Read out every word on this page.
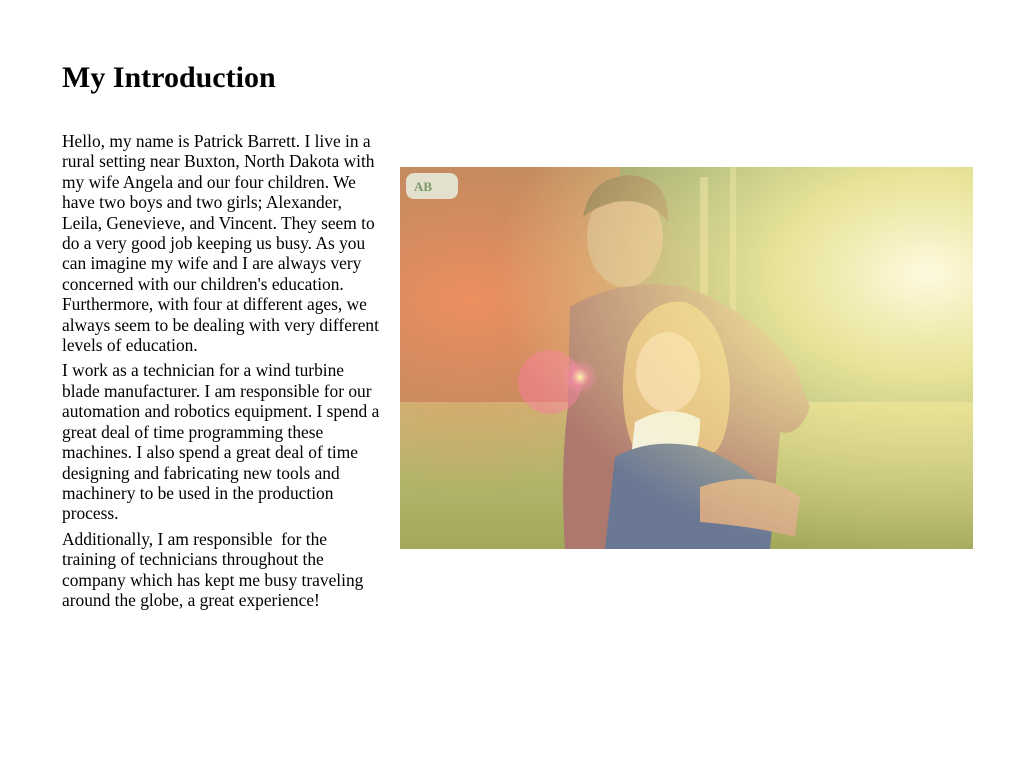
My Introduction

Hello, my name is Patrick Barrett. I live in a rural setting near Buxton, North Dakota with my wife Angela and our four children. We have two boys and two girls; Alexander, Leila, Genevieve, and Vincent. They seem to do a very good job keeping us busy. As you can imagine my wife and I are always very concerned with our children's education. Furthermore, with four at different ages, we always seem to be dealing with very different levels of education.

I work as a technician for a wind turbine blade manufacturer. I am responsible for our automation and robotics equipment. I spend a great deal of time programming these machines. I also spend a great deal of time designing and fabricating new tools and machinery to be used in the production process.

Additionally, I am responsible  for the training of technicians throughout the company which has kept me busy traveling around the globe, a great experience!

AB
